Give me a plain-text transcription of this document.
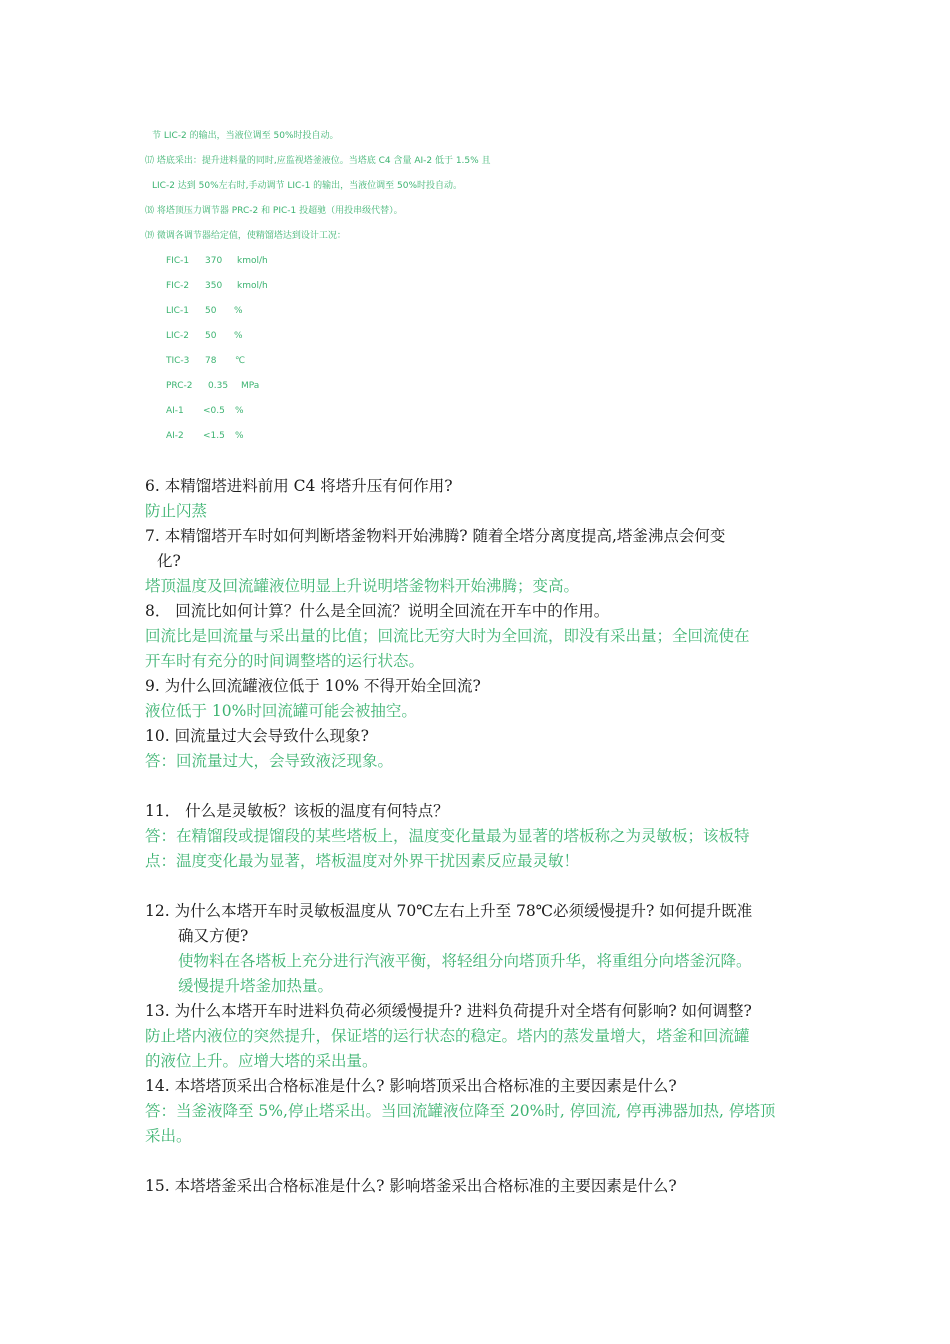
节 LIC-2 的输出，当液位调至 50%时投自动。
⒄ 塔底采出：提升进料量的同时,应监视塔釜液位。当塔底 C4 含量 AI-2 低于 1.5% 且
LIC-2 达到 50%左右时,手动调节 LIC-1 的输出，当液位调至 50%时投自动。
⒅ 将塔顶压力调节器 PRC-2 和 PIC-1 投超驰（用投串级代替）。
⒆ 微调各调节器给定值，使精馏塔达到设计工况：
FIC-1 370 kmol/h
FIC-2 350 kmol/h
LIC-1 50 %
LIC-2 50 %
TIC-3 78 ℃
PRC-2 0.35 MPa
AI-1 <0.5 %
AI-2 <1.5 %
6. 本精馏塔进料前用 C4 将塔升压有何作用?
防止闪蒸
7. 本精馏塔开车时如何判断塔釜物料开始沸腾? 随着全塔分离度提高,塔釜沸点会何变
化?
塔顶温度及回流罐液位明显上升说明塔釜物料开始沸腾；变高。
8． 回流比如何计算？什么是全回流？说明全回流在开车中的作用。
回流比是回流量与采出量的比值；回流比无穷大时为全回流，即没有采出量；全回流使在
开车时有充分的时间调整塔的运行状态。
9. 为什么回流罐液位低于 10% 不得开始全回流?
液位低于 10%时回流罐可能会被抽空。
10. 回流量过大会导致什么现象?
答：回流量过大，会导致液泛现象。
11． 什么是灵敏板？该板的温度有何特点？
答：在精馏段或提馏段的某些塔板上，温度变化量最为显著的塔板称之为灵敏板；该板特
点：温度变化最为显著，塔板温度对外界干扰因素反应最灵敏！
12. 为什么本塔开车时灵敏板温度从 70℃左右上升至 78℃必须缓慢提升? 如何提升既准
确又方便?
使物料在各塔板上充分进行汽液平衡，将轻组分向塔顶升华，将重组分向塔釜沉降。
缓慢提升塔釜加热量。
13. 为什么本塔开车时进料负荷必须缓慢提升? 进料负荷提升对全塔有何影响? 如何调整?
防止塔内液位的突然提升，保证塔的运行状态的稳定。塔内的蒸发量增大，塔釜和回流罐
的液位上升。应增大塔的采出量。
14. 本塔塔顶采出合格标准是什么? 影响塔顶采出合格标准的主要因素是什么?
答：当釜液降至 5%,停止塔采出。当回流罐液位降至 20%时, 停回流, 停再沸器加热, 停塔顶
采出。
15. 本塔塔釜采出合格标准是什么? 影响塔釜采出合格标准的主要因素是什么?
